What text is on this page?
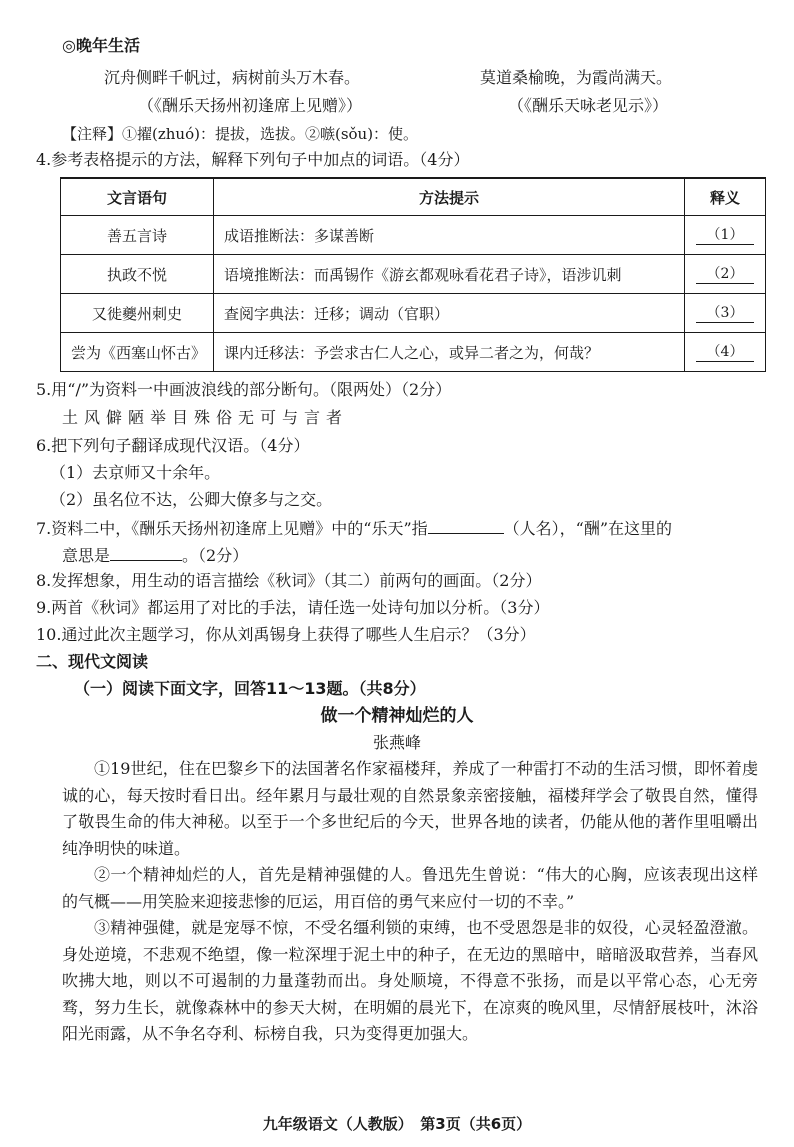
◎晚年生活
沉舟侧畔千帆过，病树前头万木春。	莫道桑榆晚，为霞尚满天。
（《酬乐天扬州初逢席上见赠》）	（《酬乐天咏老见示》）
【注释】①擢(zhuó)：提拔，选拔。②嗾(sǒu)：使。
4.参考表格提示的方法，解释下列句子中加点的词语。（4分）
文言语句	方法提示	释义
善五言诗	成语推断法：多谋善断	（1）
执政不悦	语境推断法：而禹锡作《游玄都观咏看花君子诗》，语涉讥刺	（2）
又徙夔州刺史	查阅字典法：迁移；调动（官职）	（3）
尝为《西塞山怀古》	课内迁移法：予尝求古仁人之心，或异二者之为，何哉？	（4）
5.用“/”为资料一中画波浪线的部分断句。（限两处）（2分）
土风僻陋举目殊俗无可与言者
6.把下列句子翻译成现代汉语。（4分）
（1）去京师又十余年。
（2）虽名位不达，公卿大僚多与之交。
7.资料二中，《酬乐天扬州初逢席上见赠》中的“乐天”指	（人名），“酬”在这里的
意思是	。（2分）
8.发挥想象，用生动的语言描绘《秋词》（其二）前两句的画面。（2分）
9.两首《秋词》都运用了对比的手法，请任选一处诗句加以分析。（3分）
10.通过此次主题学习，你从刘禹锡身上获得了哪些人生启示？（3分）
二、现代文阅读
（一）阅读下面文字，回答11～13题。（共8分）
做一个精神灿烂的人
张燕峰
①19世纪，住在巴黎乡下的法国著名作家福楼拜，养成了一种雷打不动的生活习惯，即怀着虔诚的心，每天按时看日出。经年累月与最壮观的自然景象亲密接触，福楼拜学会了敬畏自然，懂得了敬畏生命的伟大神秘。以至于一个多世纪后的今天，世界各地的读者，仍能从他的著作里咀嚼出纯净明快的味道。
②一个精神灿烂的人，首先是精神强健的人。鲁迅先生曾说：“伟大的心胸，应该表现出这样的气概——用笑脸来迎接悲惨的厄运，用百倍的勇气来应付一切的不幸。”
③精神强健，就是宠辱不惊，不受名缰利锁的束缚，也不受恩怨是非的奴役，心灵轻盈澄澈。身处逆境，不悲观不绝望，像一粒深埋于泥土中的种子，在无边的黑暗中，暗暗汲取营养，当春风吹拂大地，则以不可遏制的力量蓬勃而出。身处顺境，不得意不张扬，而是以平常心态，心无旁骛，努力生长，就像森林中的参天大树，在明媚的晨光下，在凉爽的晚风里，尽情舒展枝叶，沐浴阳光雨露，从不争名夺利、标榜自我，只为变得更加强大。
九年级语文（人教版）　第3页（共6页）
